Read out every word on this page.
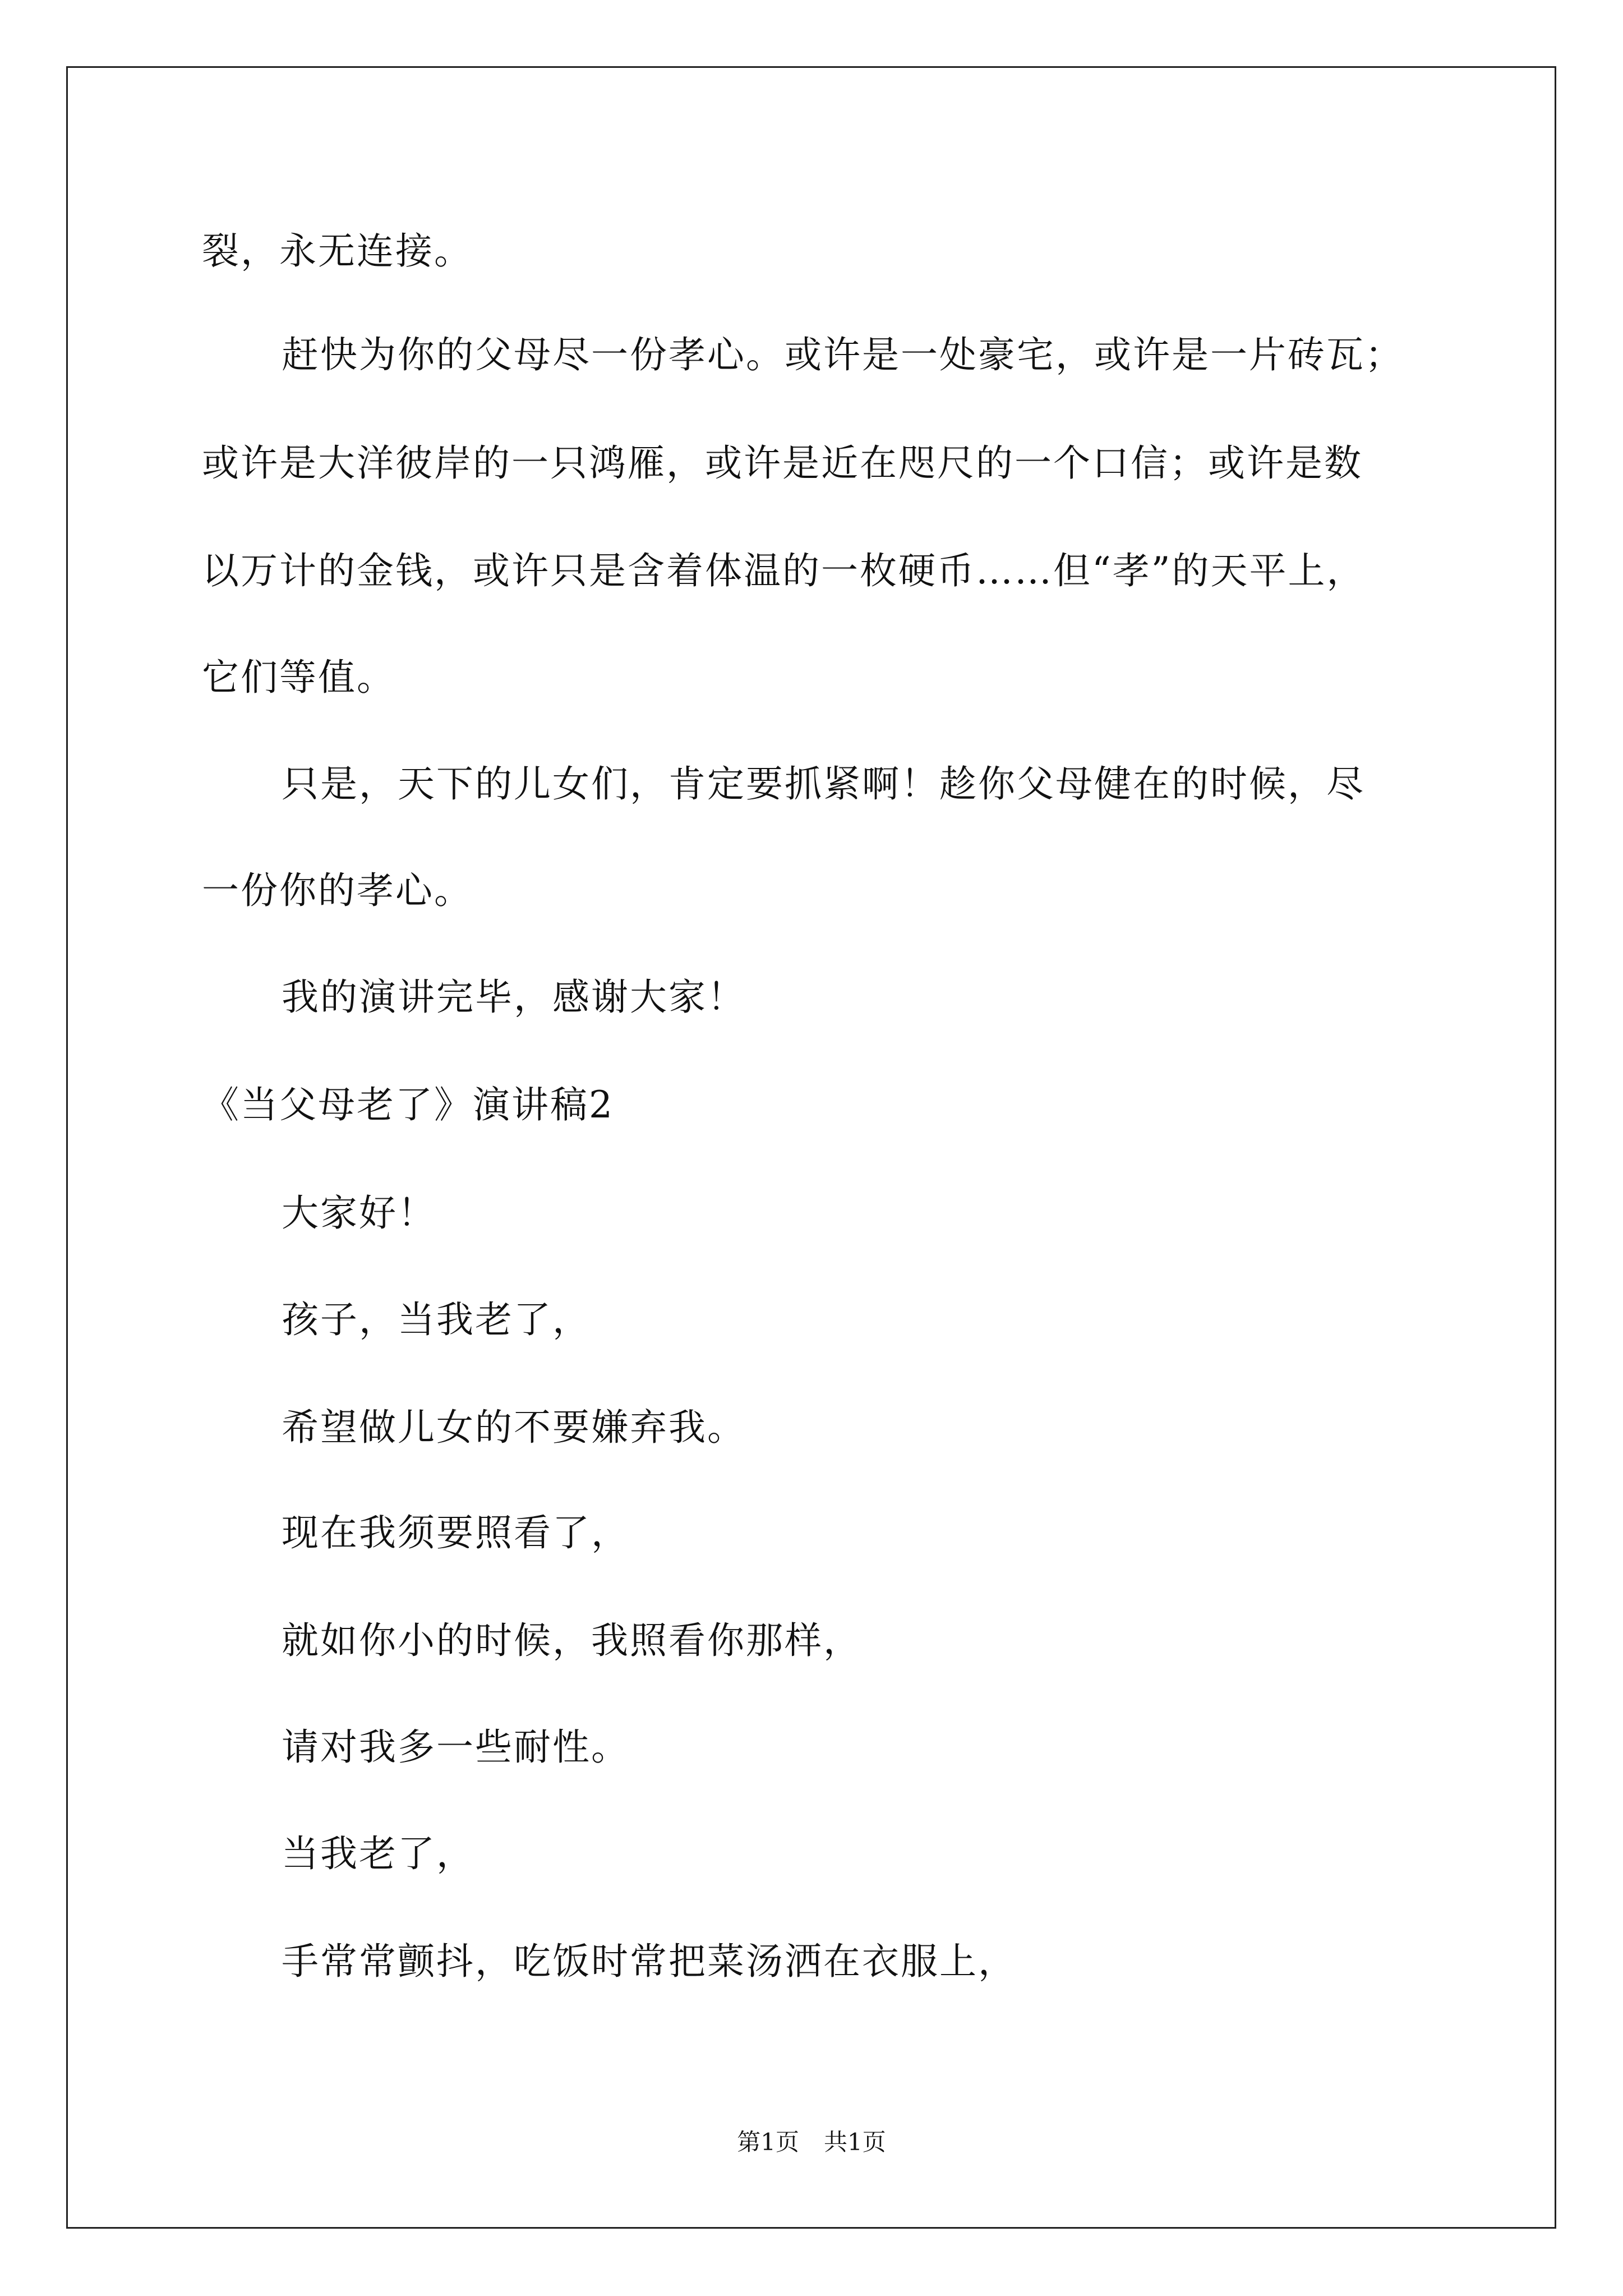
裂，永无连接。
赶快为你的父母尽一份孝心。或许是一处豪宅，或许是一片砖瓦；
或许是大洋彼岸的一只鸿雁，或许是近在咫尺的一个口信；或许是数
以万计的金钱，或许只是含着体温的一枚硬币……但“孝”的天平上，
它们等值。
只是，天下的儿女们，肯定要抓紧啊！趁你父母健在的时候，尽
一份你的孝心。
我的演讲完毕，感谢大家！
《当父母老了》演讲稿2
大家好！
孩子，当我老了，
希望做儿女的不要嫌弃我。
现在我须要照看了，
就如你小的时候，我照看你那样，
请对我多一些耐性。
当我老了，
手常常颤抖，吃饭时常把菜汤洒在衣服上，
第1页 共1页
